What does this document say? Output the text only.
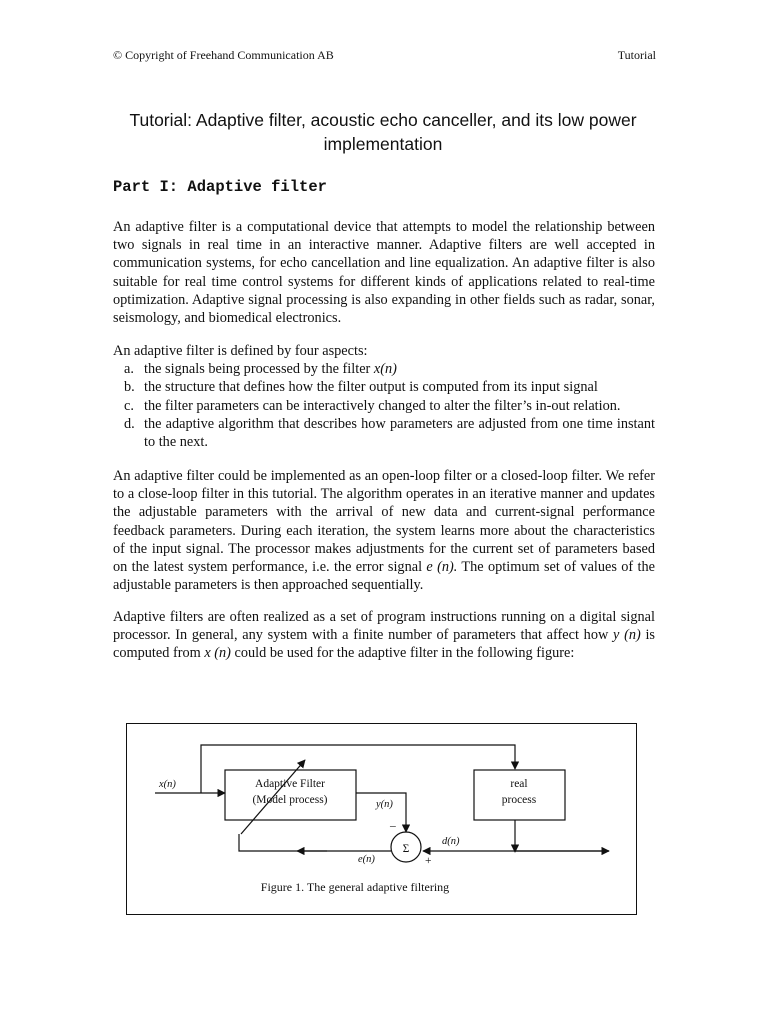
© Copyright of Freehand Communication AB	Tutorial
Tutorial: Adaptive filter, acoustic echo canceller, and its low power implementation
Part I: Adaptive filter

An adaptive filter is a computational device that attempts to model the relationship between two signals in real time in an interactive manner. Adaptive filters are well accepted in communication systems, for echo cancellation and line equalization. An adaptive filter is also suitable for real time control systems for different kinds of applications related to real-time optimization. Adaptive signal processing is also expanding in other fields such as radar, sonar, seismology, and biomedical electronics.

An adaptive filter is defined by four aspects:
a. the signals being processed by the filter x(n)
b. the structure that defines how the filter output is computed from its input signal
c. the filter parameters can be interactively changed to alter the filter’s in-out relation.
d. the adaptive algorithm that describes how parameters are adjusted from one time instant to the next.

An adaptive filter could be implemented as an open-loop filter or a closed-loop filter. We refer to a close-loop filter in this tutorial. The algorithm operates in an iterative manner and updates the adjustable parameters with the arrival of new data and current-signal performance feedback parameters. During each iteration, the system learns more about the characteristics of the input signal. The processor makes adjustments for the current set of parameters based on the latest system performance, i.e. the error signal e (n). The optimum set of values of the adjustable parameters is then approached sequentially.

Adaptive filters are often realized as a set of program instructions running on a digital signal processor. In general, any system with a finite number of parameters that affect how y (n) is computed from x (n) could be used for the adaptive filter in the following figure:

x(n)	Adaptive Filter
(Model process)
real
process
y(n)
–
Σ
+
d(n)
e(n)
Figure 1. The general adaptive filtering
